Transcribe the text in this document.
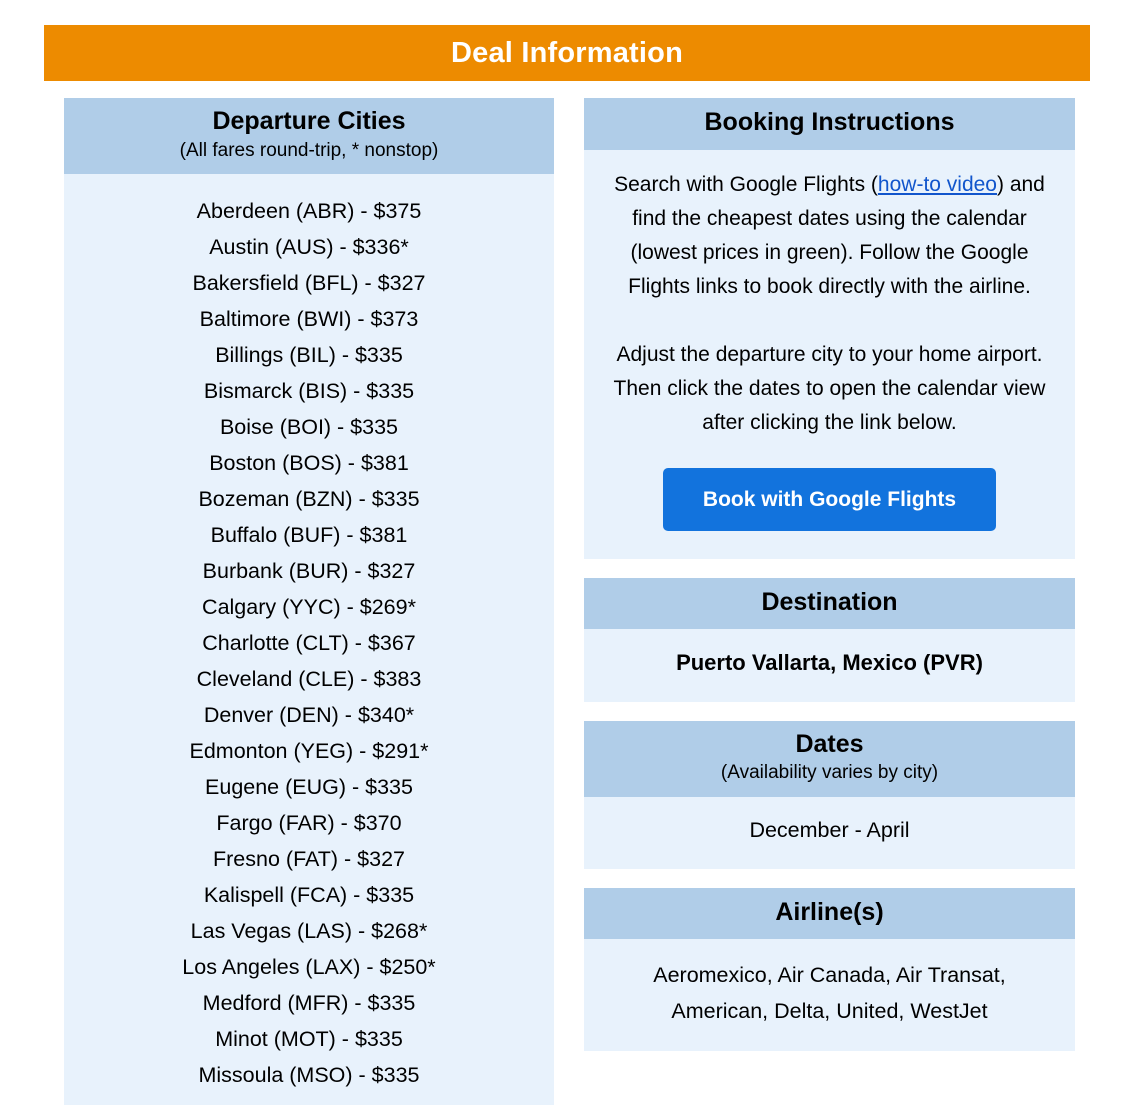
Deal Information
Departure Cities
(All fares round-trip, * nonstop)
Aberdeen (ABR) - $375
Austin (AUS) - $336*
Bakersfield (BFL) - $327
Baltimore (BWI) - $373
Billings (BIL) - $335
Bismarck (BIS) - $335
Boise (BOI) - $335
Boston (BOS) - $381
Bozeman (BZN) - $335
Buffalo (BUF) - $381
Burbank (BUR) - $327
Calgary (YYC) - $269*
Charlotte (CLT) - $367
Cleveland (CLE) - $383
Denver (DEN) - $340*
Edmonton (YEG) - $291*
Eugene (EUG) - $335
Fargo (FAR) - $370
Fresno (FAT) - $327
Kalispell (FCA) - $335
Las Vegas (LAS) - $268*
Los Angeles (LAX) - $250*
Medford (MFR) - $335
Minot (MOT) - $335
Missoula (MSO) - $335
Booking Instructions

Search with Google Flights (how-to video) and find the cheapest dates using the calendar (lowest prices in green). Follow the Google Flights links to book directly with the airline.

Adjust the departure city to your home airport. Then click the dates to open the calendar view after clicking the link below.

Book with Google Flights
Destination
Puerto Vallarta, Mexico (PVR)
Dates
(Availability varies by city)
December - April
Airline(s)
Aeromexico, Air Canada, Air Transat, American, Delta, United, WestJet
